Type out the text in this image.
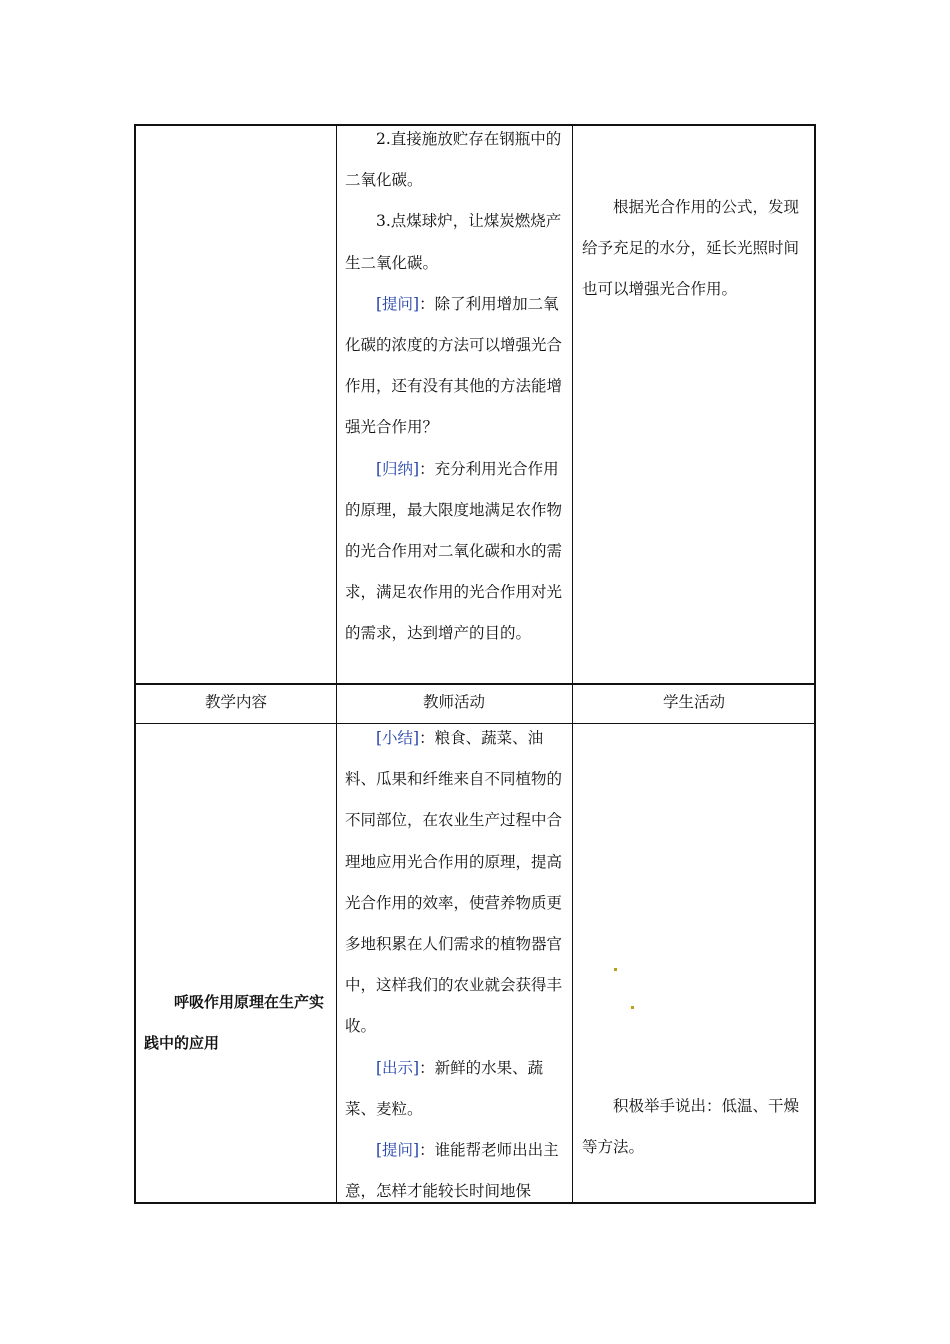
2.直接施放贮存在钢瓶中的二氧化碳。

3.点煤球炉，让煤炭燃烧产生二氧化碳。

[提问]：除了利用增加二氧化碳的浓度的方法可以增强光合作用，还有没有其他的方法能增强光合作用？

[归纳]：充分利用光合作用的原理，最大限度地满足农作物的光合作用对二氧化碳和水的需求，满足农作用的光合作用对光的需求，达到增产的目的。

根据光合作用的公式，发现给予充足的水分，延长光照时间也可以增强光合作用。

教学内容	教师活动	学生活动

呼吸作用原理在生产实践中的应用

[小结]：粮食、蔬菜、油料、瓜果和纤维来自不同植物的不同部位，在农业生产过程中合理地应用光合作用的原理，提高光合作用的效率，使营养物质更多地积累在人们需求的植物器官中，这样我们的农业就会获得丰收。

[出示]：新鲜的水果、蔬菜、麦粒。

[提问]：谁能帮老师出出主意，怎样才能较长时间地保

积极举手说出：低温、干燥等方法。
